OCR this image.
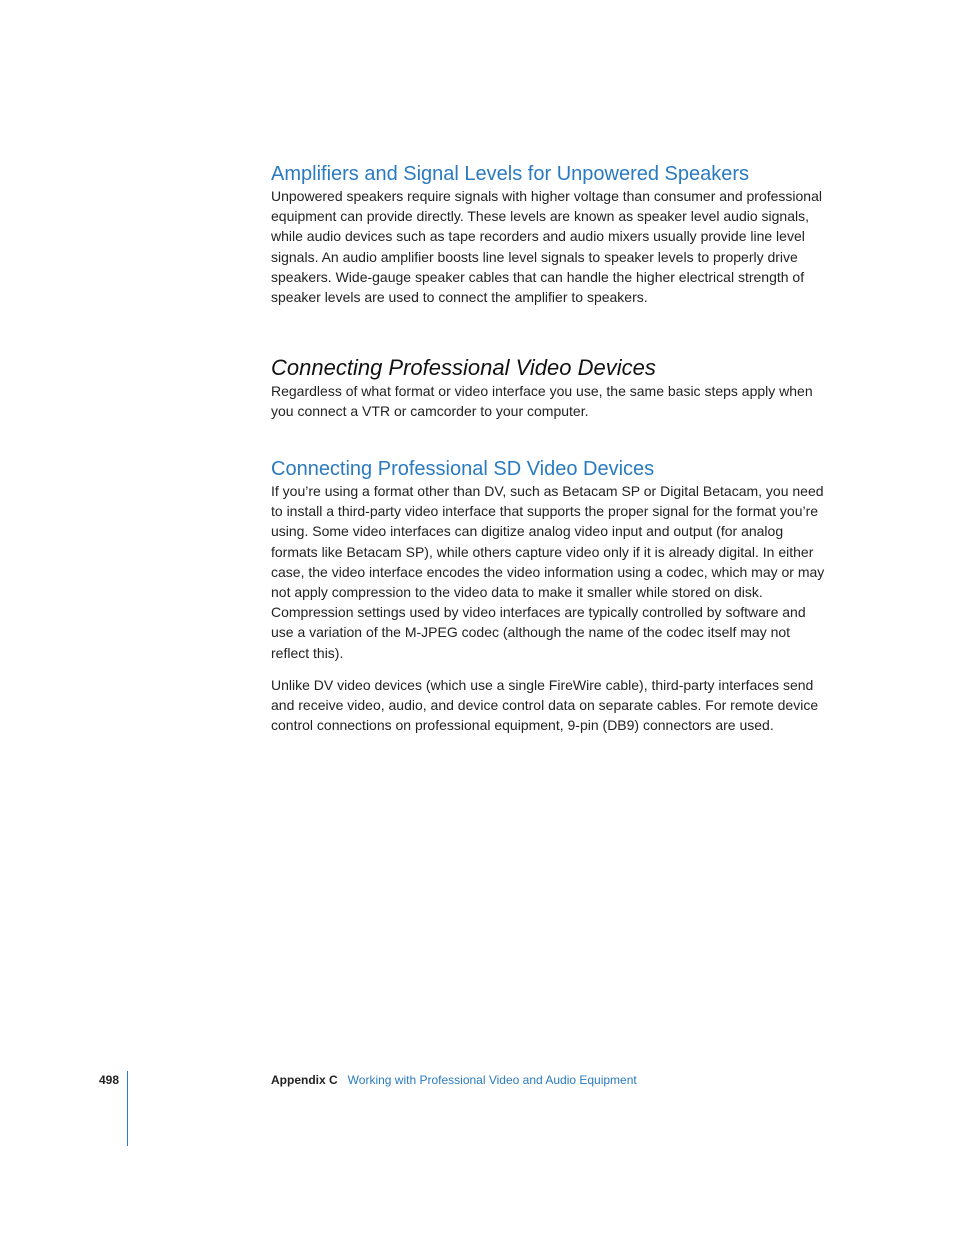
Amplifiers and Signal Levels for Unpowered Speakers

Unpowered speakers require signals with higher voltage than consumer and professional equipment can provide directly. These levels are known as speaker level audio signals, while audio devices such as tape recorders and audio mixers usually provide line level signals. An audio amplifier boosts line level signals to speaker levels to properly drive speakers. Wide-gauge speaker cables that can handle the higher electrical strength of speaker levels are used to connect the amplifier to speakers.

Connecting Professional Video Devices

Regardless of what format or video interface you use, the same basic steps apply when you connect a VTR or camcorder to your computer.

Connecting Professional SD Video Devices

If you’re using a format other than DV, such as Betacam SP or Digital Betacam, you need to install a third-party video interface that supports the proper signal for the format you’re using. Some video interfaces can digitize analog video input and output (for analog formats like Betacam SP), while others capture video only if it is already digital. In either case, the video interface encodes the video information using a codec, which may or may not apply compression to the video data to make it smaller while stored on disk. Compression settings used by video interfaces are typically controlled by software and use a variation of the M-JPEG codec (although the name of the codec itself may not reflect this).

Unlike DV video devices (which use a single FireWire cable), third-party interfaces send and receive video, audio, and device control data on separate cables. For remote device control connections on professional equipment, 9-pin (DB9) connectors are used.

498	Appendix C Working with Professional Video and Audio Equipment
